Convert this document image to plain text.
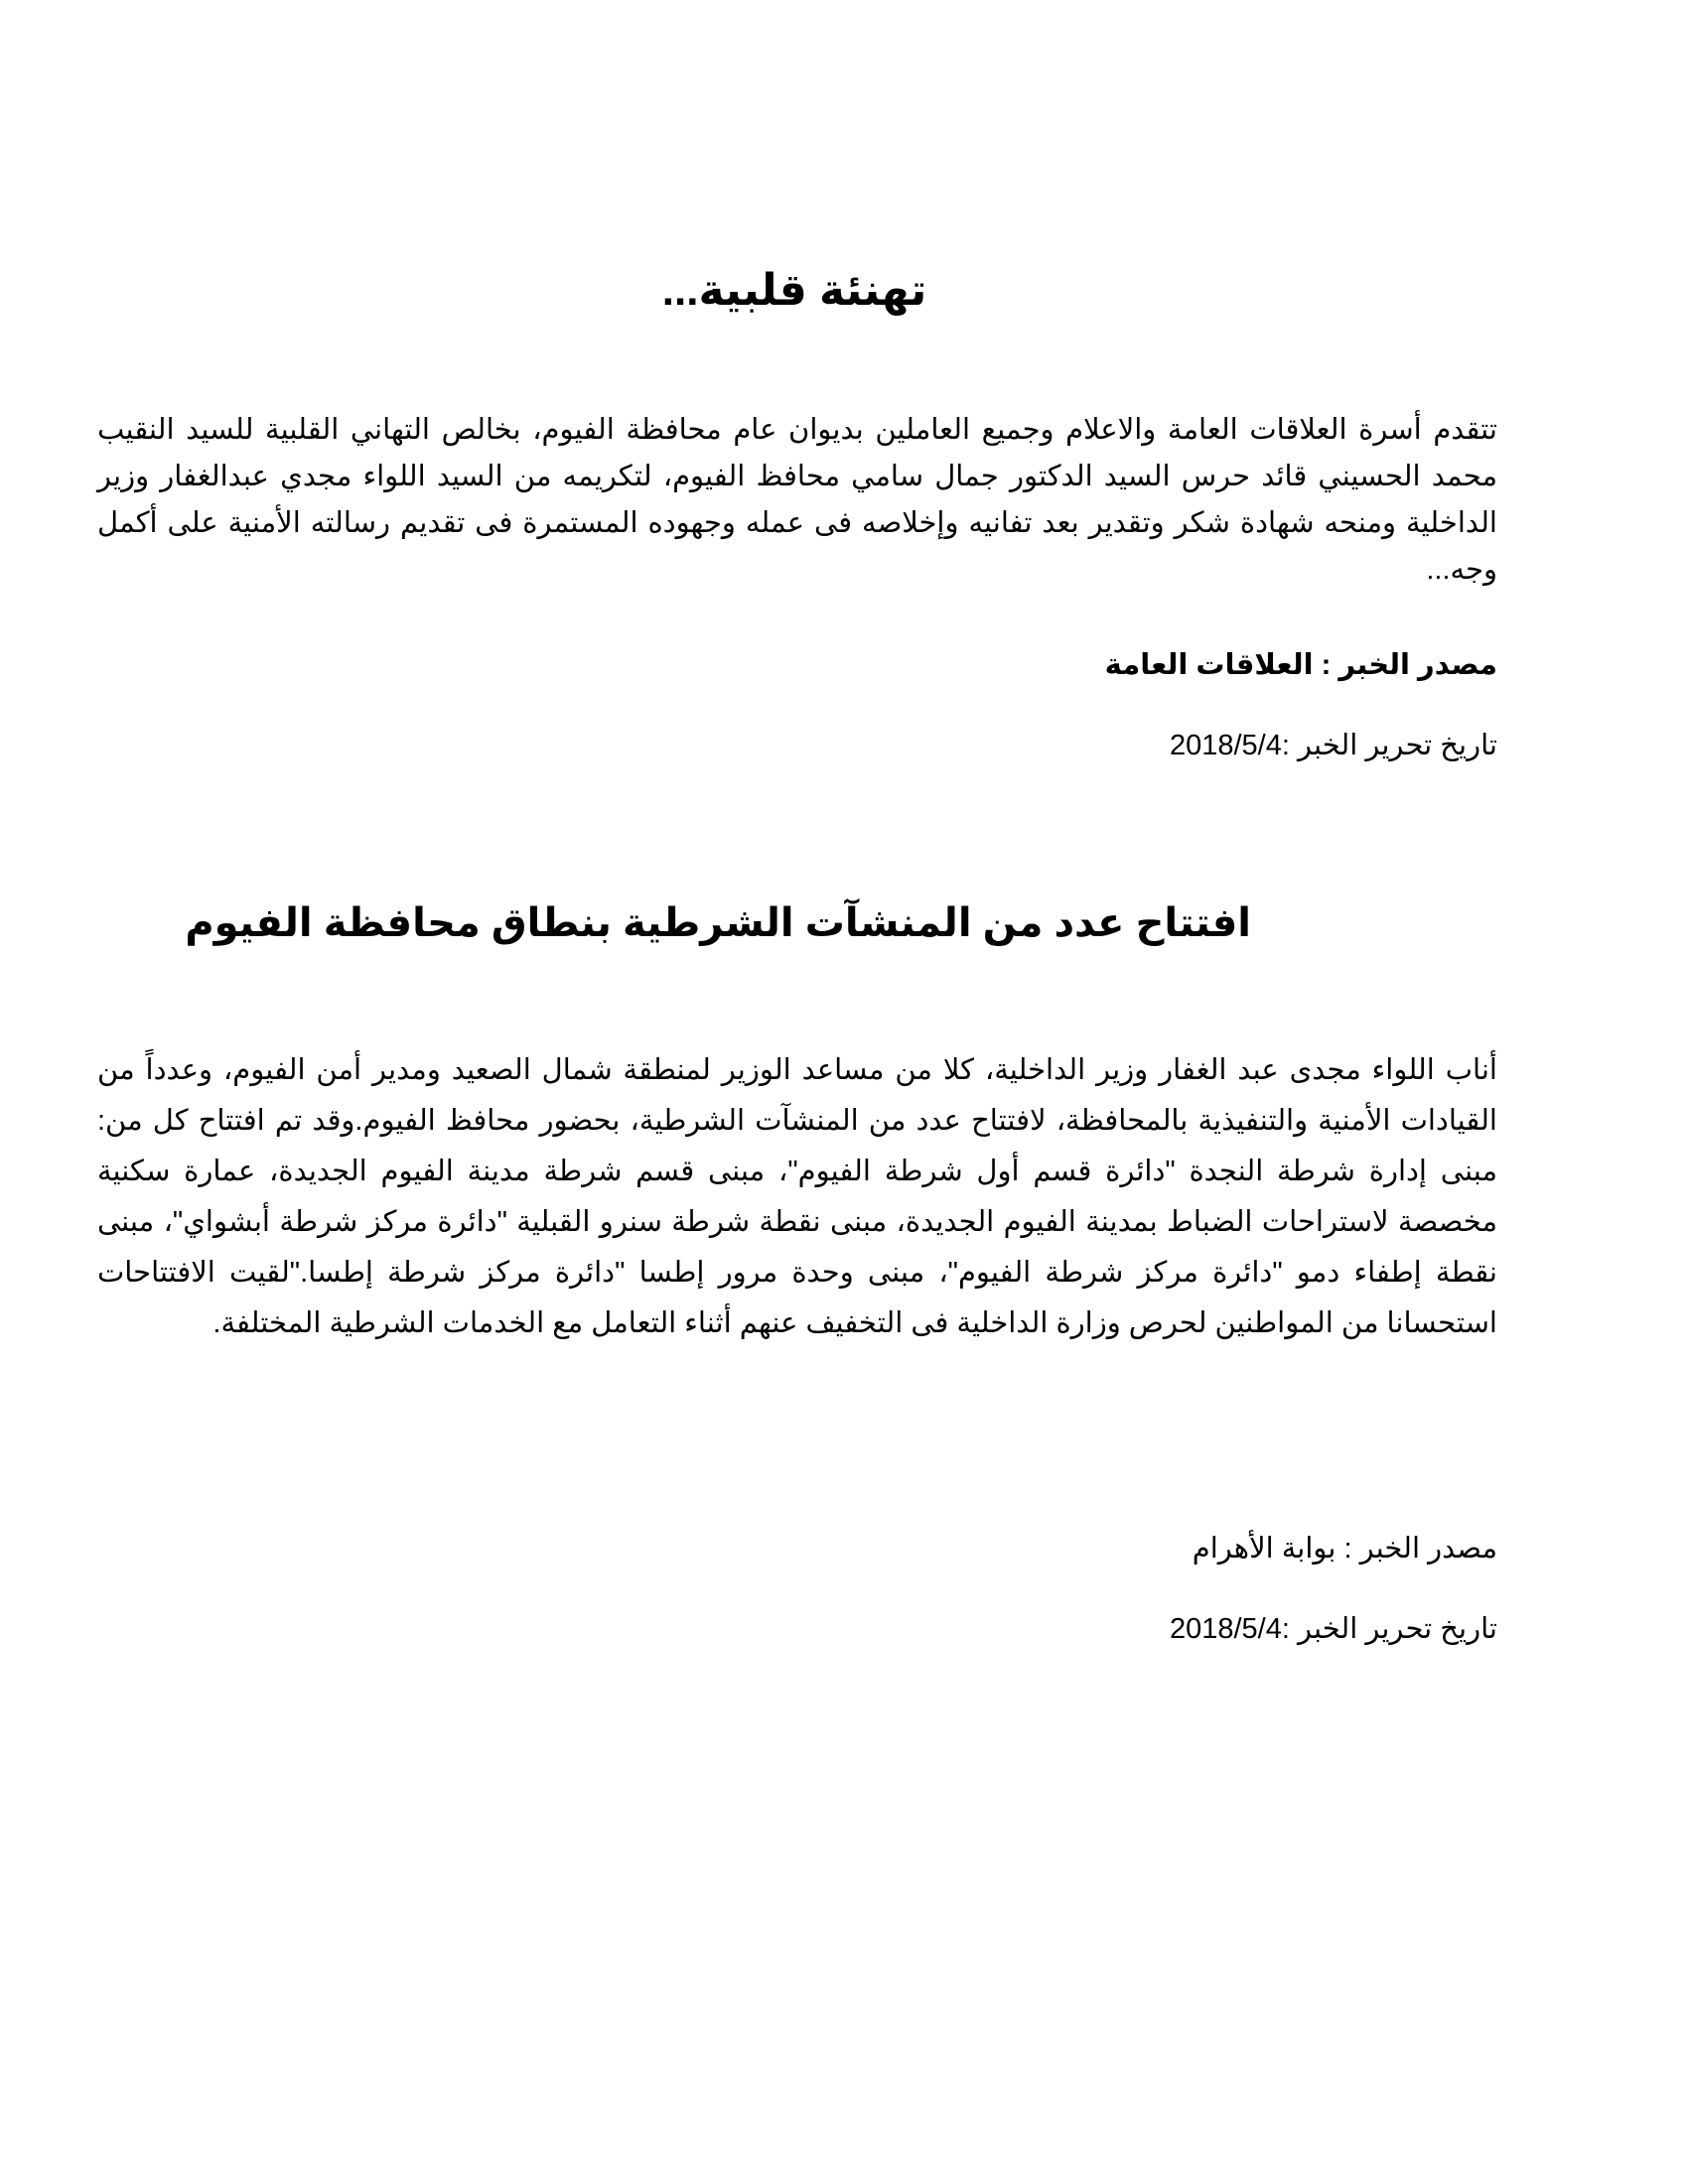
تهنئة قلبية...

تتقدم أسرة العلاقات العامة والاعلام وجميع العاملين بديوان عام محافظة الفيوم، بخالص التهاني القلبية للسيد النقيب محمد الحسيني قائد حرس السيد الدكتور جمال سامي محافظ الفيوم، لتكريمه من السيد اللواء مجدي عبدالغفار وزير الداخلية ومنحه شهادة شكر وتقدير بعد تفانيه وإخلاصه فى عمله وجهوده المستمرة فى تقديم رسالته الأمنية على أكمل وجه...

مصدر الخبر : العلاقات العامة

تاريخ تحرير الخبر :2018/5/4

افتتاح عدد من المنشآت الشرطية بنطاق محافظة الفيوم

أناب اللواء مجدى عبد الغفار وزير الداخلية، كلا من مساعد الوزير لمنطقة شمال الصعيد ومدير أمن الفيوم، وعدداً من القيادات الأمنية والتنفيذية بالمحافظة، لافتتاح عدد من المنشآت الشرطية، بحضور محافظ الفيوم.وقد تم افتتاح كل من: مبنى إدارة شرطة النجدة "دائرة قسم أول شرطة الفيوم"، مبنى قسم شرطة مدينة الفيوم الجديدة، عمارة سكنية مخصصة لاستراحات الضباط بمدينة الفيوم الجديدة، مبنى نقطة شرطة سنرو القبلية "دائرة مركز شرطة أبشواي"، مبنى نقطة إطفاء دمو "دائرة مركز شرطة الفيوم"، مبنى وحدة مرور إطسا "دائرة مركز شرطة إطسا."لقيت الافتتاحات استحسانا من المواطنين لحرص وزارة الداخلية فى التخفيف عنهم أثناء التعامل مع الخدمات الشرطية المختلفة.

مصدر الخبر : بوابة الأهرام

تاريخ تحرير الخبر :2018/5/4
